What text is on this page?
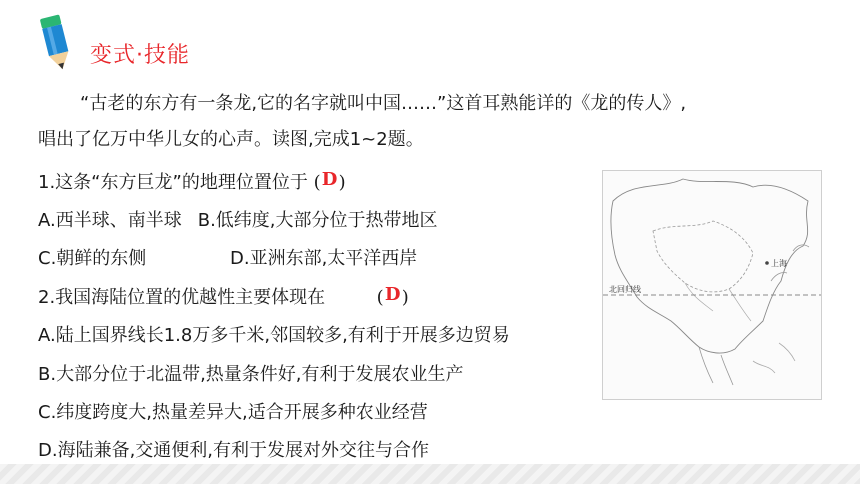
变式·技能
“古老的东方有一条龙,它的名字就叫中国……”这首耳熟能详的《龙的传人》,
唱出了亿万中华儿女的心声。读图,完成1~2题。
1.这条“东方巨龙”的地理位置位于 (D)
A.西半球、南半球 B.低纬度,大部分位于热带地区
C.朝鲜的东侧	D.亚洲东部,太平洋西岸
2.我国海陆位置的优越性主要体现在	(D)
A.陆上国界线长1.8万多千米,邻国较多,有利于开展多边贸易
B.大部分位于北温带,热量条件好,有利于发展农业生产
C.纬度跨度大,热量差异大,适合开展多种农业经营
D.海陆兼备,交通便利,有利于发展对外交往与合作
北回归线
上海
